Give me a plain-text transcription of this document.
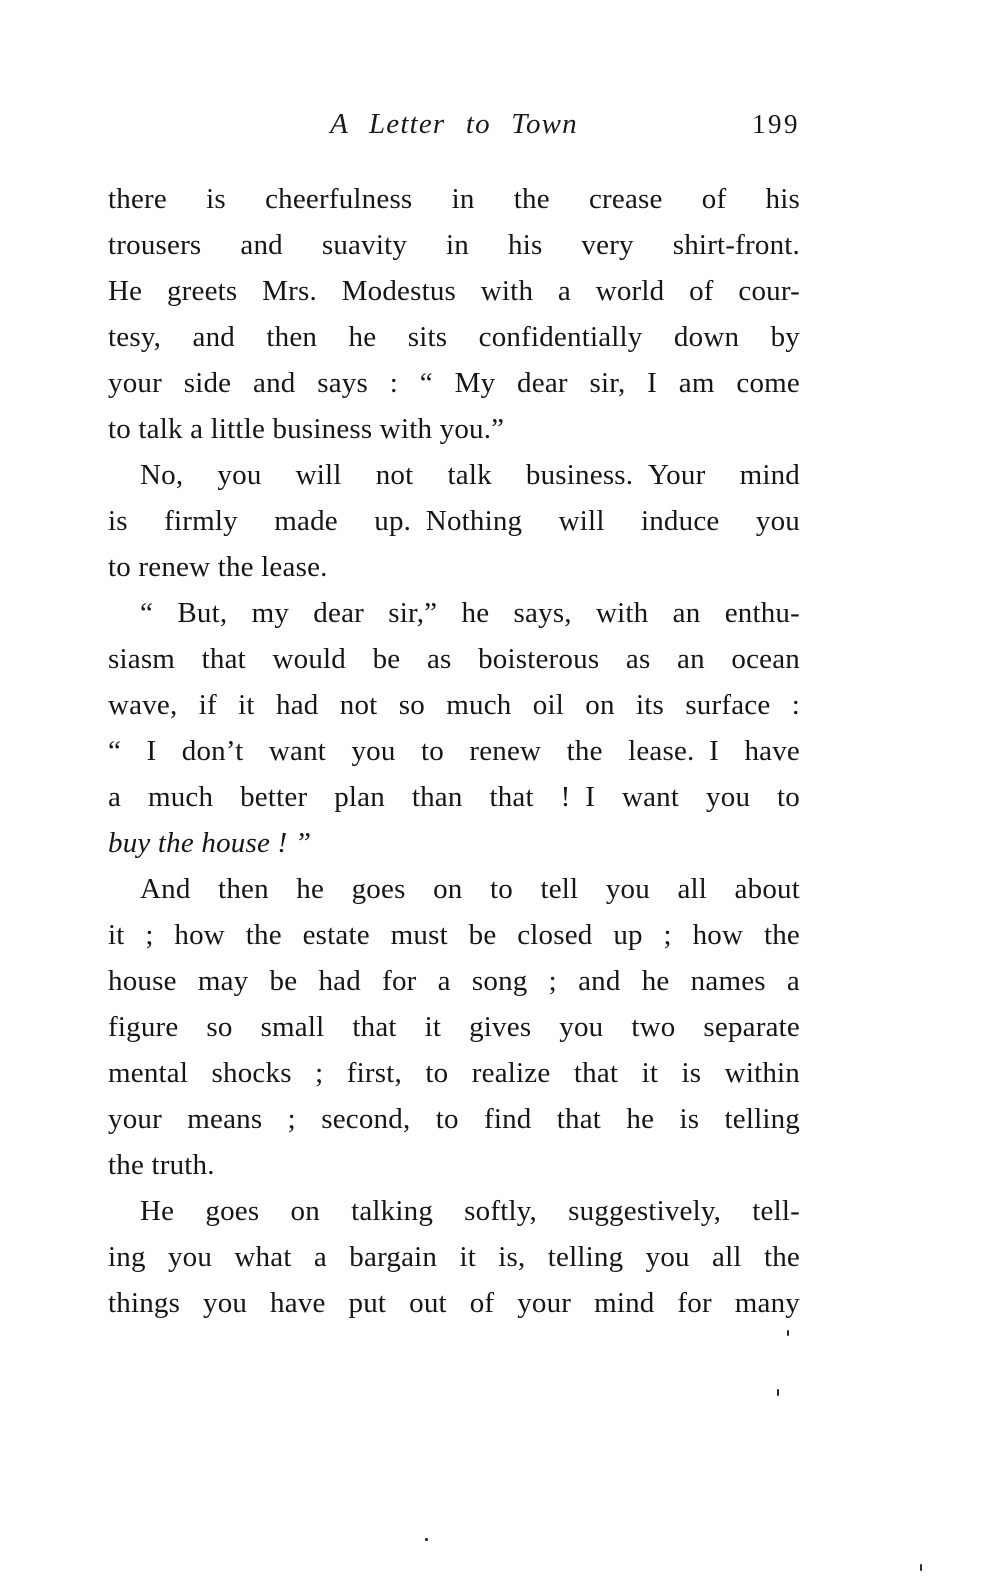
A Letter to Town	199

there is cheerfulness in the crease of his
trousers and suavity in his very shirt-front.
He greets Mrs. Modestus with a world of cour-
tesy, and then he sits confidentially down by
your side and says : “ My dear sir, I am come
to talk a little business with you.”

No, you will not talk business. Your mind
is firmly made up. Nothing will induce you
to renew the lease.

“ But, my dear sir,” he says, with an enthu-
siasm that would be as boisterous as an ocean
wave, if it had not so much oil on its surface :
“ I don’t want you to renew the lease. I have
a much better plan than that ! I want you to
buy the house ! ”

And then he goes on to tell you all about
it ; how the estate must be closed up ; how the
house may be had for a song ; and he names a
figure so small that it gives you two separate
mental shocks ; first, to realize that it is within
your means ; second, to find that he is telling
the truth.

He goes on talking softly, suggestively, tell-
ing you what a bargain it is, telling you all the
things you have put out of your mind for many
